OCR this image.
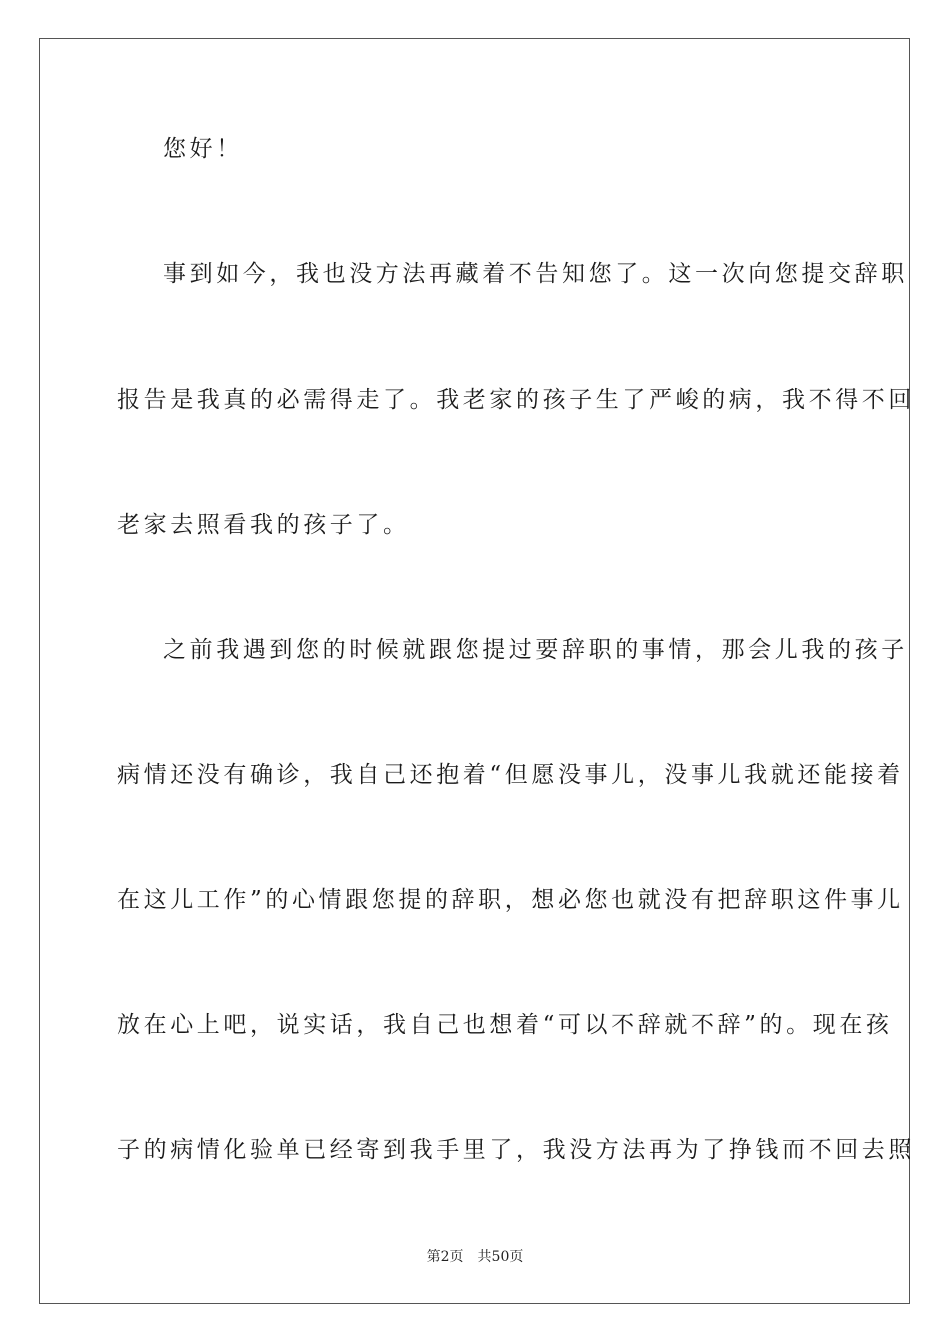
您好！
事到如今，我也没方法再藏着不告知您了。这一次向您提交辞职
报告是我真的必需得走了。我老家的孩子生了严峻的病，我不得不回
老家去照看我的孩子了。
之前我遇到您的时候就跟您提过要辞职的事情，那会儿我的孩子
病情还没有确诊，我自己还抱着“但愿没事儿，没事儿我就还能接着
在这儿工作”的心情跟您提的辞职，想必您也就没有把辞职这件事儿
放在心上吧，说实话，我自己也想着“可以不辞就不辞”的。现在孩
子的病情化验单已经寄到我手里了，我没方法再为了挣钱而不回去照
第2页 共50页
